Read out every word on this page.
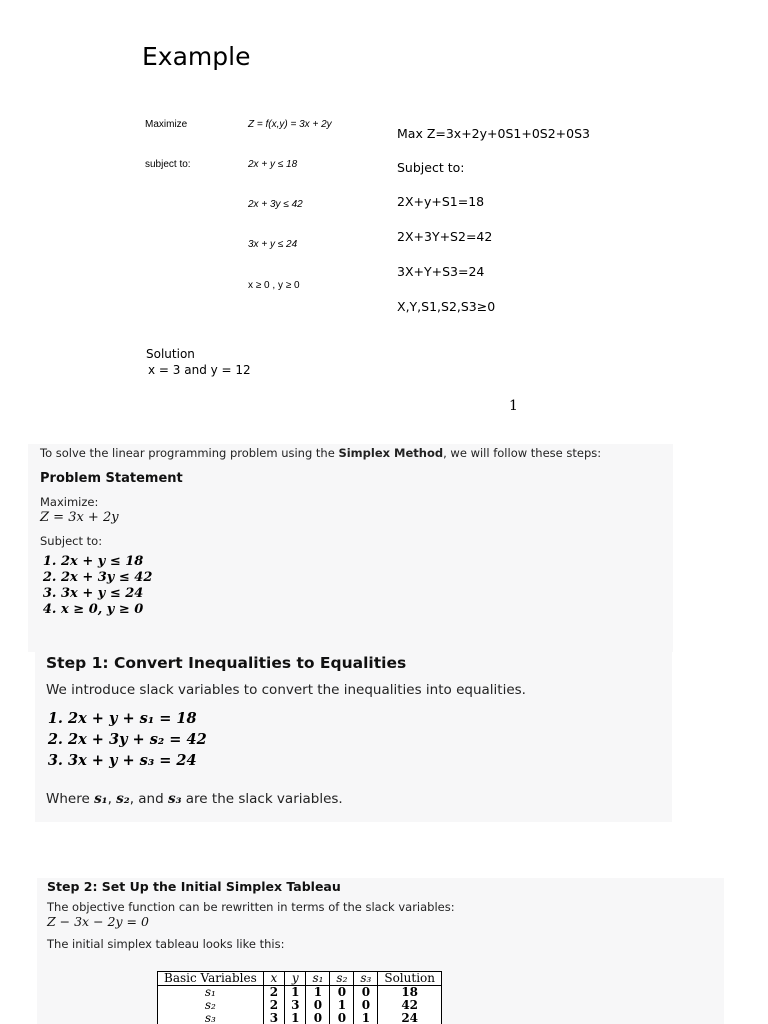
Example
Maximize	Z = f(x,y) = 3x + 2y
subject to:	2x + y ≤ 18
2x + 3y ≤ 42
3x + y ≤ 24
x ≥ 0 , y ≥ 0
Max Z=3x+2y+0S1+0S2+0S3
Subject to:
2X+y+S1=18
2X+3Y+S2=42
3X+Y+S3=24
X,Y,S1,S2,S3≥0
Solution
x = 3 and y = 12
1
To solve the linear programming problem using the Simplex Method, we will follow these steps:
Problem Statement
Maximize:
Z = 3x + 2y
Subject to:
1. 2x + y ≤ 18
2. 2x + 3y ≤ 42
3. 3x + y ≤ 24
4. x ≥ 0, y ≥ 0
Step 1: Convert Inequalities to Equalities
We introduce slack variables to convert the inequalities into equalities.
1. 2x + y + s₁ = 18
2. 2x + 3y + s₂ = 42
3. 3x + y + s₃ = 24
Where s₁, s₂, and s₃ are the slack variables.
Step 2: Set Up the Initial Simplex Tableau
The objective function can be rewritten in terms of the slack variables:
Z − 3x − 2y = 0
The initial simplex tableau looks like this:
Basic Variables	x	y	s₁	s₂	s₃	Solution
s₁	2	1	1	0	0	18
s₂	2	3	0	1	0	42
s₃	3	1	0	0	1	24
